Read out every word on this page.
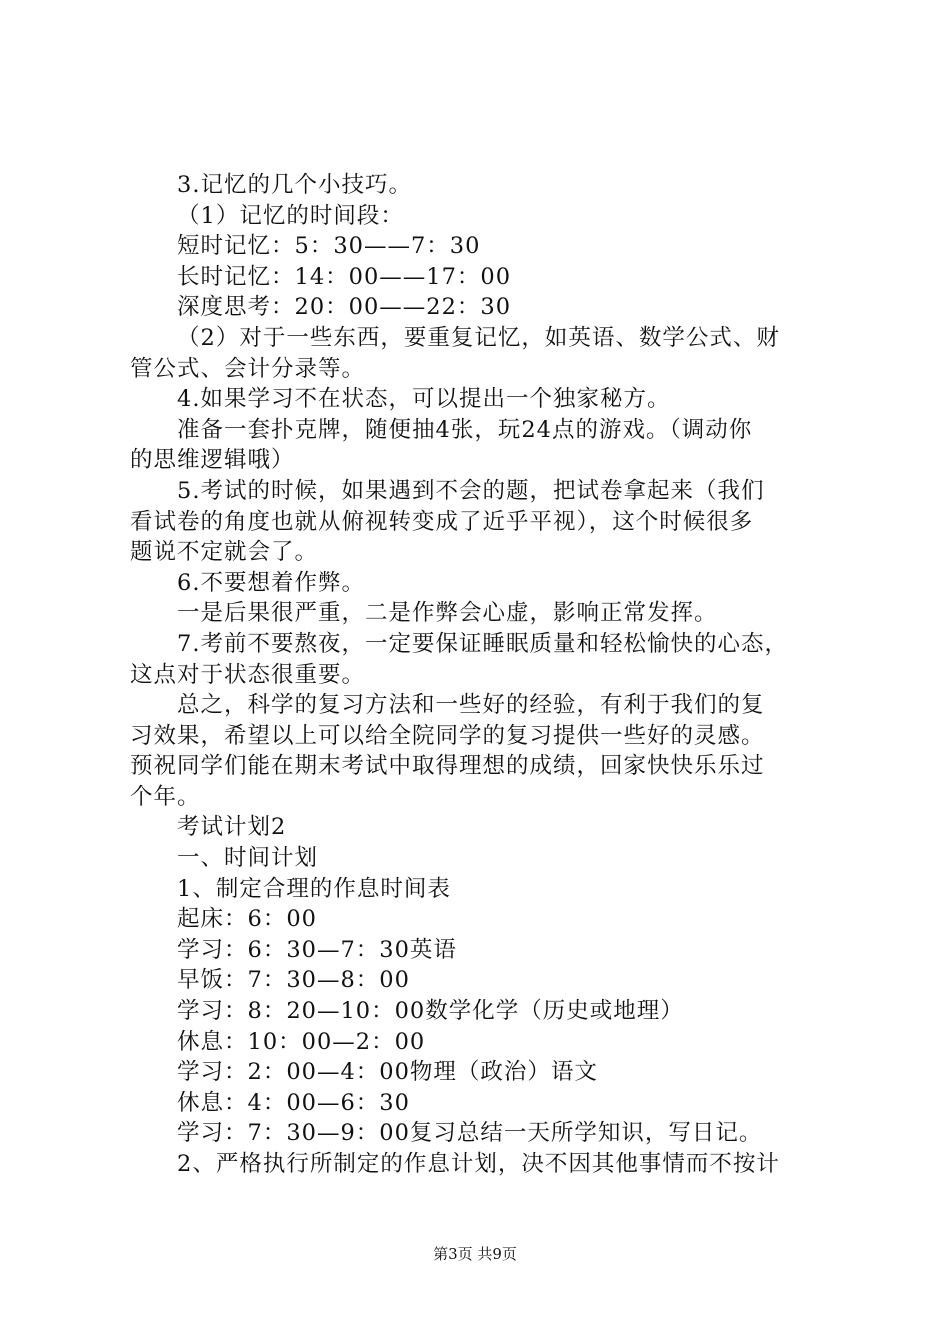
3.记忆的几个小技巧。
（1）记忆的时间段：
短时记忆：5：30——7：30
长时记忆：14：00——17：00
深度思考：20：00——22：30
（2）对于一些东西，要重复记忆，如英语、数学公式、财
管公式、会计分录等。
4.如果学习不在状态，可以提出一个独家秘方。
准备一套扑克牌，随便抽4张，玩24点的游戏。（调动你
的思维逻辑哦）
5.考试的时候，如果遇到不会的题，把试卷拿起来（我们
看试卷的角度也就从俯视转变成了近乎平视），这个时候很多
题说不定就会了。
6.不要想着作弊。
一是后果很严重，二是作弊会心虚，影响正常发挥。
7.考前不要熬夜，一定要保证睡眠质量和轻松愉快的心态，
这点对于状态很重要。
总之，科学的复习方法和一些好的经验，有利于我们的复
习效果，希望以上可以给全院同学的复习提供一些好的灵感。
预祝同学们能在期末考试中取得理想的成绩，回家快快乐乐过
个年。
考试计划2
一、时间计划
1、制定合理的作息时间表
起床：6：00
学习：6：30—7：30英语
早饭：7：30—8：00
学习：8：20—10：00数学化学（历史或地理）
休息：10：00—2：00
学习：2：00—4：00物理（政治）语文
休息：4：00—6：30
学习：7：30—9：00复习总结一天所学知识，写日记。
2、严格执行所制定的作息计划，决不因其他事情而不按计
第3页 共9页
